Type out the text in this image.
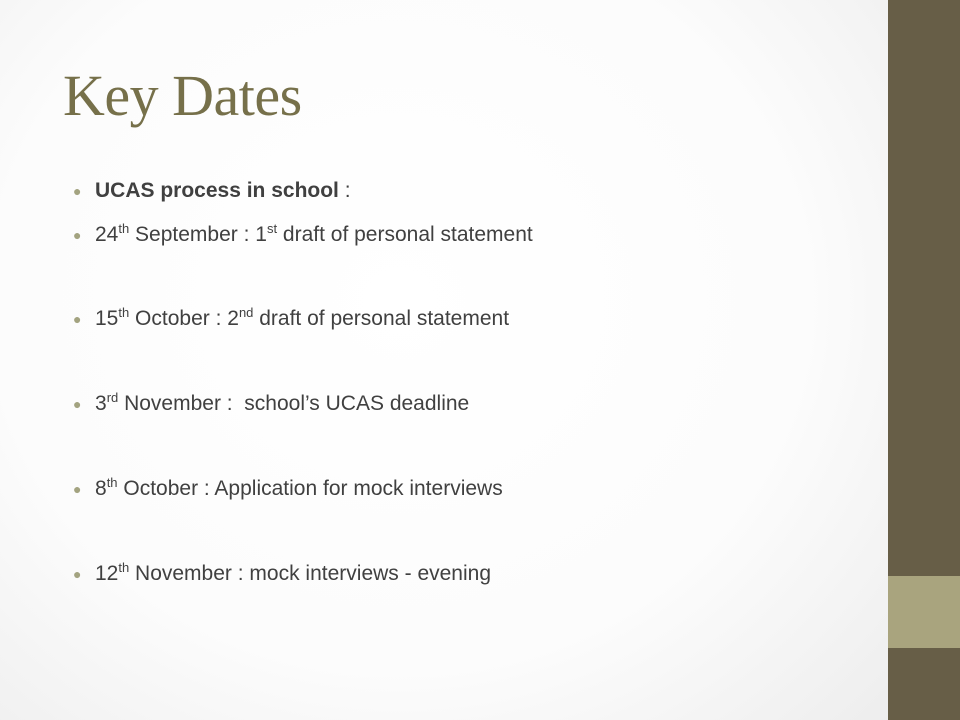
Key Dates
● UCAS process in school :
● 24th September : 1st draft of personal statement
● 15th October : 2nd draft of personal statement
● 3rd November :  school’s UCAS deadline
● 8th October : Application for mock interviews
● 12th November : mock interviews - evening
